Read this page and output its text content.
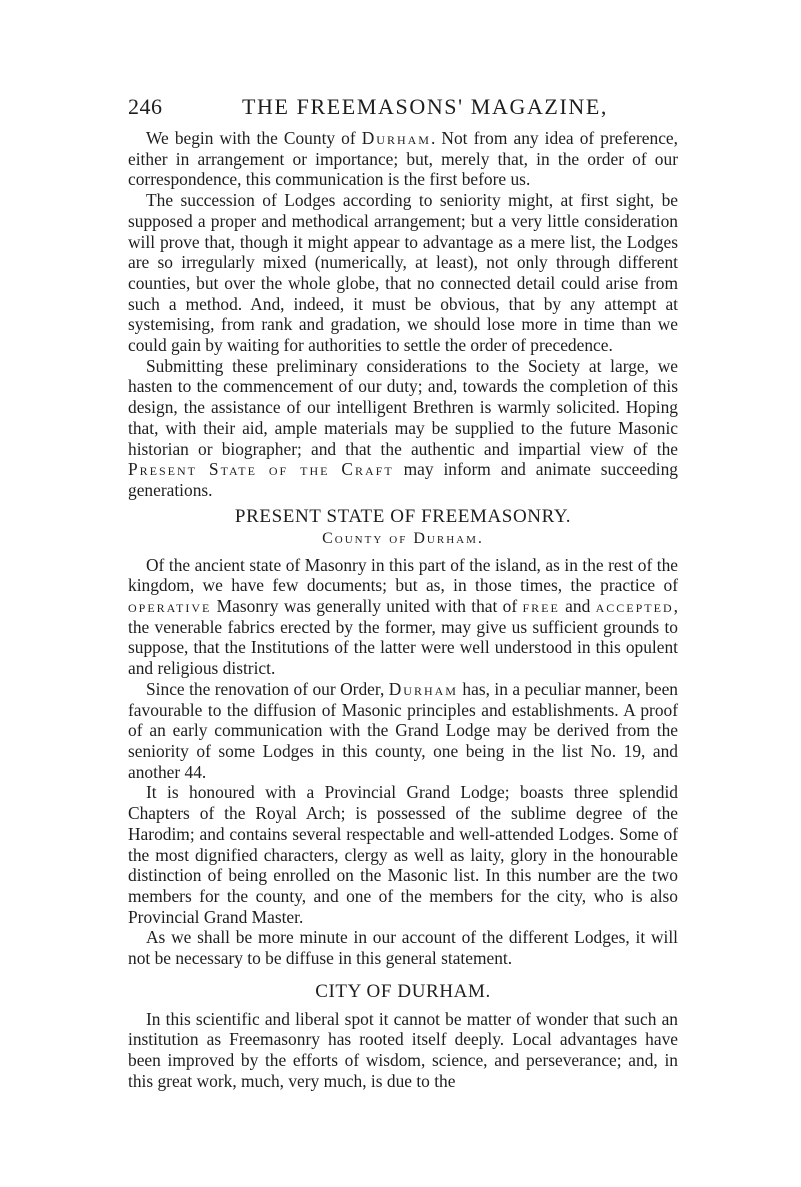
246	THE FREEMASONS' MAGAZINE,

We begin with the County of Durham. Not from any idea of preference, either in arrangement or importance; but, merely that, in the order of our correspondence, this communication is the first before us.

The succession of Lodges according to seniority might, at first sight, be supposed a proper and methodical arrangement; but a very little consideration will prove that, though it might appear to advantage as a mere list, the Lodges are so irregularly mixed (numerically, at least), not only through different counties, but over the whole globe, that no connected detail could arise from such a method. And, indeed, it must be obvious, that by any attempt at systemising, from rank and gradation, we should lose more in time than we could gain by waiting for authorities to settle the order of precedence.

Submitting these preliminary considerations to the Society at large, we hasten to the commencement of our duty; and, towards the completion of this design, the assistance of our intelligent Brethren is warmly solicited. Hoping that, with their aid, ample materials may be supplied to the future Masonic historian or biographer; and that the authentic and impartial view of the Present State of the Craft may inform and animate succeeding generations.

PRESENT STATE OF FREEMASONRY.
County of Durham.

Of the ancient state of Masonry in this part of the island, as in the rest of the kingdom, we have few documents; but as, in those times, the practice of operative Masonry was generally united with that of free and accepted, the venerable fabrics erected by the former, may give us sufficient grounds to suppose, that the Institutions of the latter were well understood in this opulent and religious district.

Since the renovation of our Order, Durham has, in a peculiar manner, been favourable to the diffusion of Masonic principles and establishments. A proof of an early communication with the Grand Lodge may be derived from the seniority of some Lodges in this county, one being in the list No. 19, and another 44.

It is honoured with a Provincial Grand Lodge; boasts three splendid Chapters of the Royal Arch; is possessed of the sublime degree of the Harodim; and contains several respectable and well-attended Lodges. Some of the most dignified characters, clergy as well as laity, glory in the honourable distinction of being enrolled on the Masonic list. In this number are the two members for the county, and one of the members for the city, who is also Provincial Grand Master.

As we shall be more minute in our account of the different Lodges, it will not be necessary to be diffuse in this general statement.

CITY OF DURHAM.

In this scientific and liberal spot it cannot be matter of wonder that such an institution as Freemasonry has rooted itself deeply. Local advantages have been improved by the efforts of wisdom, science, and perseverance; and, in this great work, much, very much, is due to the
